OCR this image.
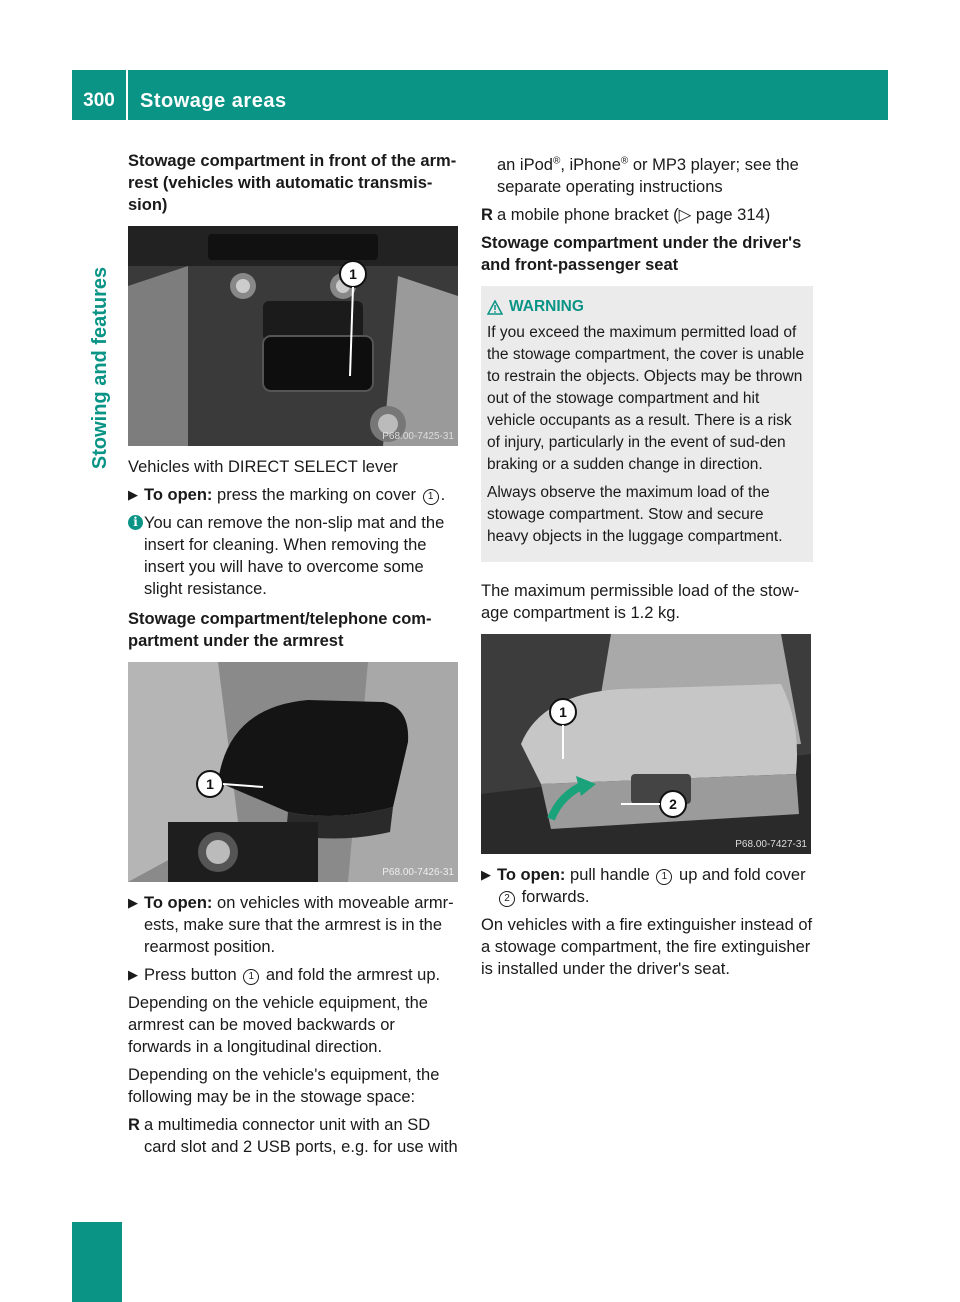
300	Stowage areas
Stowing and features

Stowage compartment in front of the arm-rest (vehicles with automatic transmis-sion)

1
P68.00-7425-31

Vehicles with DIRECT SELECT lever

▶ To open: press the marking on cover 1 .
i You can remove the non-slip mat and the insert for cleaning. When removing the insert you will have to overcome some slight resistance.

Stowage compartment/telephone com-partment under the armrest

1
P68.00-7426-31
▶ To open: on vehicles with moveable armr-ests, make sure that the armrest is in the rearmost position.
▶ Press button 1 and fold the armrest up.

Depending on the vehicle equipment, the armrest can be moved backwards or forwards in a longitudinal direction.

Depending on the vehicle's equipment, the following may be in the stowage space:

R a multimedia connector unit with an SD card slot and 2 USB ports, e.g. for use with
an iPod®, iPhone® or MP3 player; see the separate operating instructions
R a mobile phone bracket (▷ page 314)

Stowage compartment under the driver's and front-passenger seat

WARNING

If you exceed the maximum permitted load of the stowage compartment, the cover is unable to restrain the objects. Objects may be thrown out of the stowage compartment and hit vehicle occupants as a result. There is a risk of injury, particularly in the event of sud-den braking or a sudden change in direction.

Always observe the maximum load of the stowage compartment. Stow and secure heavy objects in the luggage compartment.

The maximum permissible load of the stow-age compartment is 1.2 kg.

1
2
P68.00-7427-31
▶ To open: pull handle 1 up and fold cover 2 forwards.

On vehicles with a fire extinguisher instead of a stowage compartment, the fire extinguisher is installed under the driver's seat.
